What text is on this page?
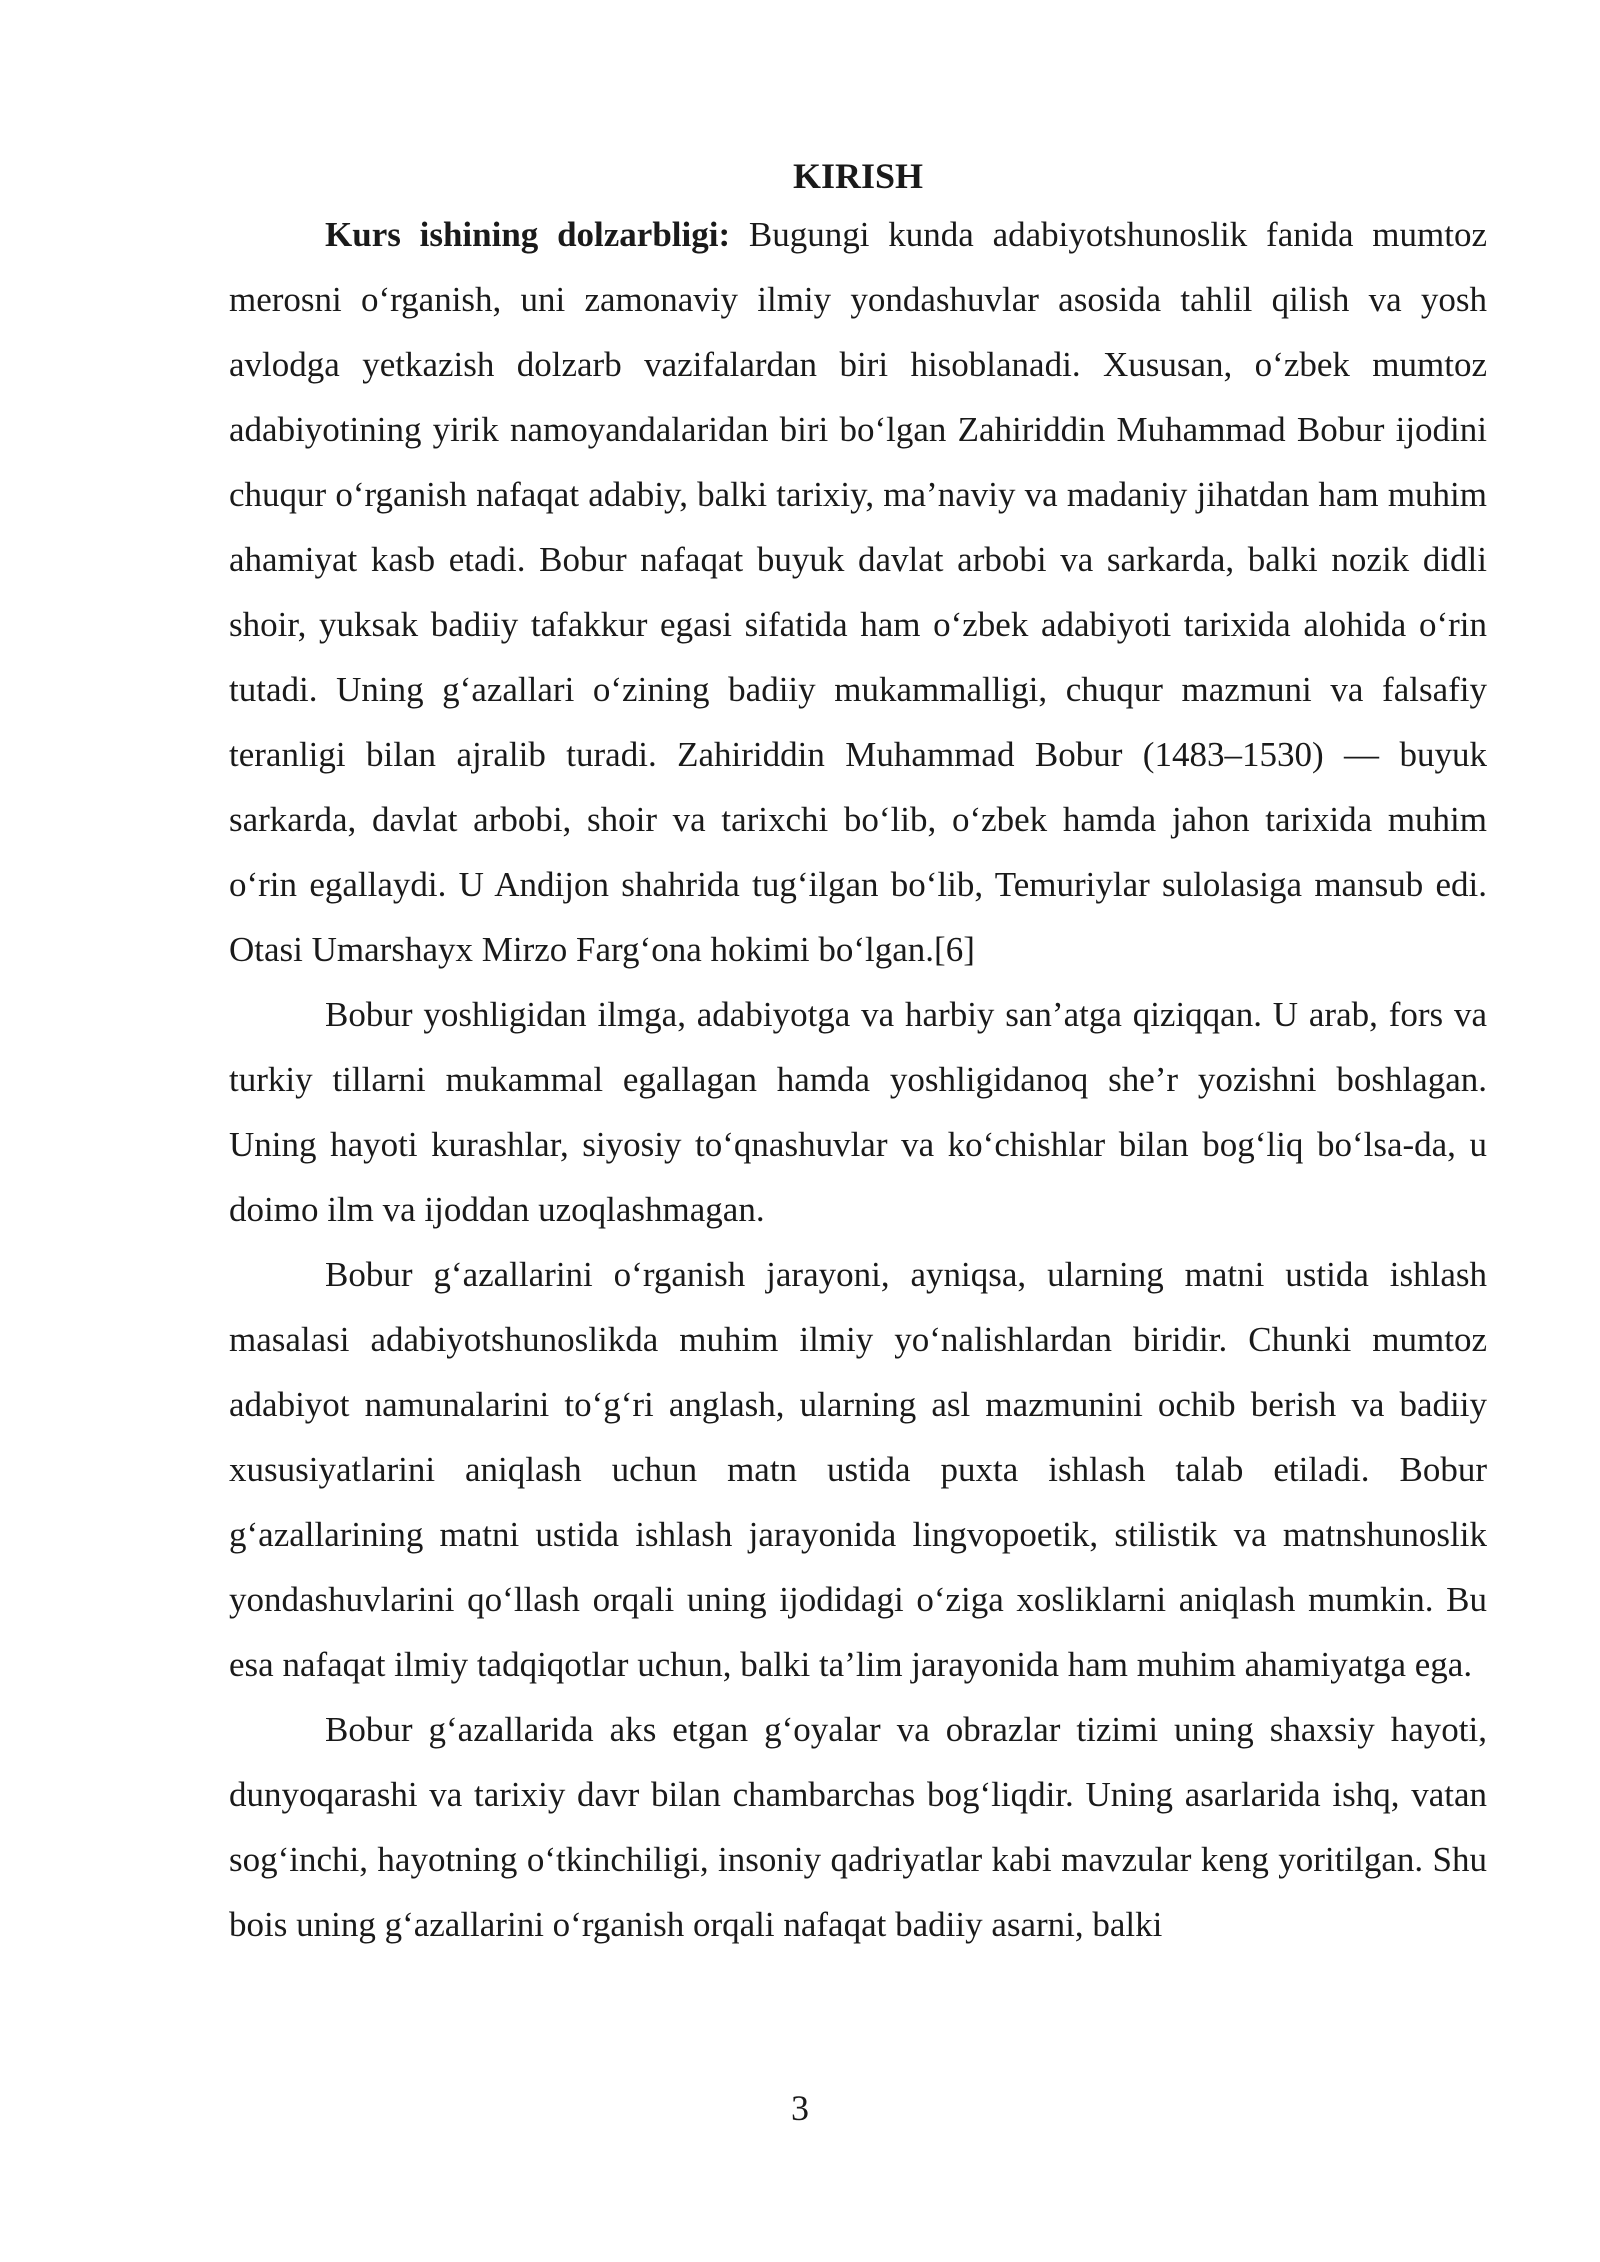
KIRISH

Kurs ishining dolzarbligi: Bugungi kunda adabiyotshunoslik fanida mumtoz merosni o‘rganish, uni zamonaviy ilmiy yondashuvlar asosida tahlil qilish va yosh avlodga yetkazish dolzarb vazifalardan biri hisoblanadi. Xususan, o‘zbek mumtoz adabiyotining yirik namoyandalaridan biri bo‘lgan Zahiriddin Muhammad Bobur ijodini chuqur o‘rganish nafaqat adabiy, balki tarixiy, ma’naviy va madaniy jihatdan ham muhim ahamiyat kasb etadi. Bobur nafaqat buyuk davlat arbobi va sarkarda, balki nozik didli shoir, yuksak badiiy tafakkur egasi sifatida ham o‘zbek adabiyoti tarixida alohida o‘rin tutadi. Uning g‘azallari o‘zining badiiy mukammalligi, chuqur mazmuni va falsafiy teranligi bilan ajralib turadi. Zahiriddin Muhammad Bobur (1483–1530) — buyuk sarkarda, davlat arbobi, shoir va tarixchi bo‘lib, o‘zbek hamda jahon tarixida muhim o‘rin egallaydi. U Andijon shahrida tug‘ilgan bo‘lib, Temuriylar sulolasiga mansub edi. Otasi Umarshayx Mirzo Farg‘ona hokimi bo‘lgan.[6]

Bobur yoshligidan ilmga, adabiyotga va harbiy san’atga qiziqqan. U arab, fors va turkiy tillarni mukammal egallagan hamda yoshligidanoq she’r yozishni boshlagan. Uning hayoti kurashlar, siyosiy to‘qnashuvlar va ko‘chishlar bilan bog‘liq bo‘lsa-da, u doimo ilm va ijoddan uzoqlashmagan.

Bobur g‘azallarini o‘rganish jarayoni, ayniqsa, ularning matni ustida ishlash masalasi adabiyotshunoslikda muhim ilmiy yo‘nalishlardan biridir. Chunki mumtoz adabiyot namunalarini to‘g‘ri anglash, ularning asl mazmunini ochib berish va badiiy xususiyatlarini aniqlash uchun matn ustida puxta ishlash talab etiladi. Bobur g‘azallarining matni ustida ishlash jarayonida lingvopoetik, stilistik va matnshunoslik yondashuvlarini qo‘llash orqali uning ijodidagi o‘ziga xosliklarni aniqlash mumkin. Bu esa nafaqat ilmiy tadqiqotlar uchun, balki ta’lim jarayonida ham muhim ahamiyatga ega.

Bobur g‘azallarida aks etgan g‘oyalar va obrazlar tizimi uning shaxsiy hayoti, dunyoqarashi va tarixiy davr bilan chambarchas bog‘liqdir. Uning asarlarida ishq, vatan sog‘inchi, hayotning o‘tkinchiligi, insoniy qadriyatlar kabi mavzular keng yoritilgan. Shu bois uning g‘azallarini o‘rganish orqali nafaqat badiiy asarni, balki

3
